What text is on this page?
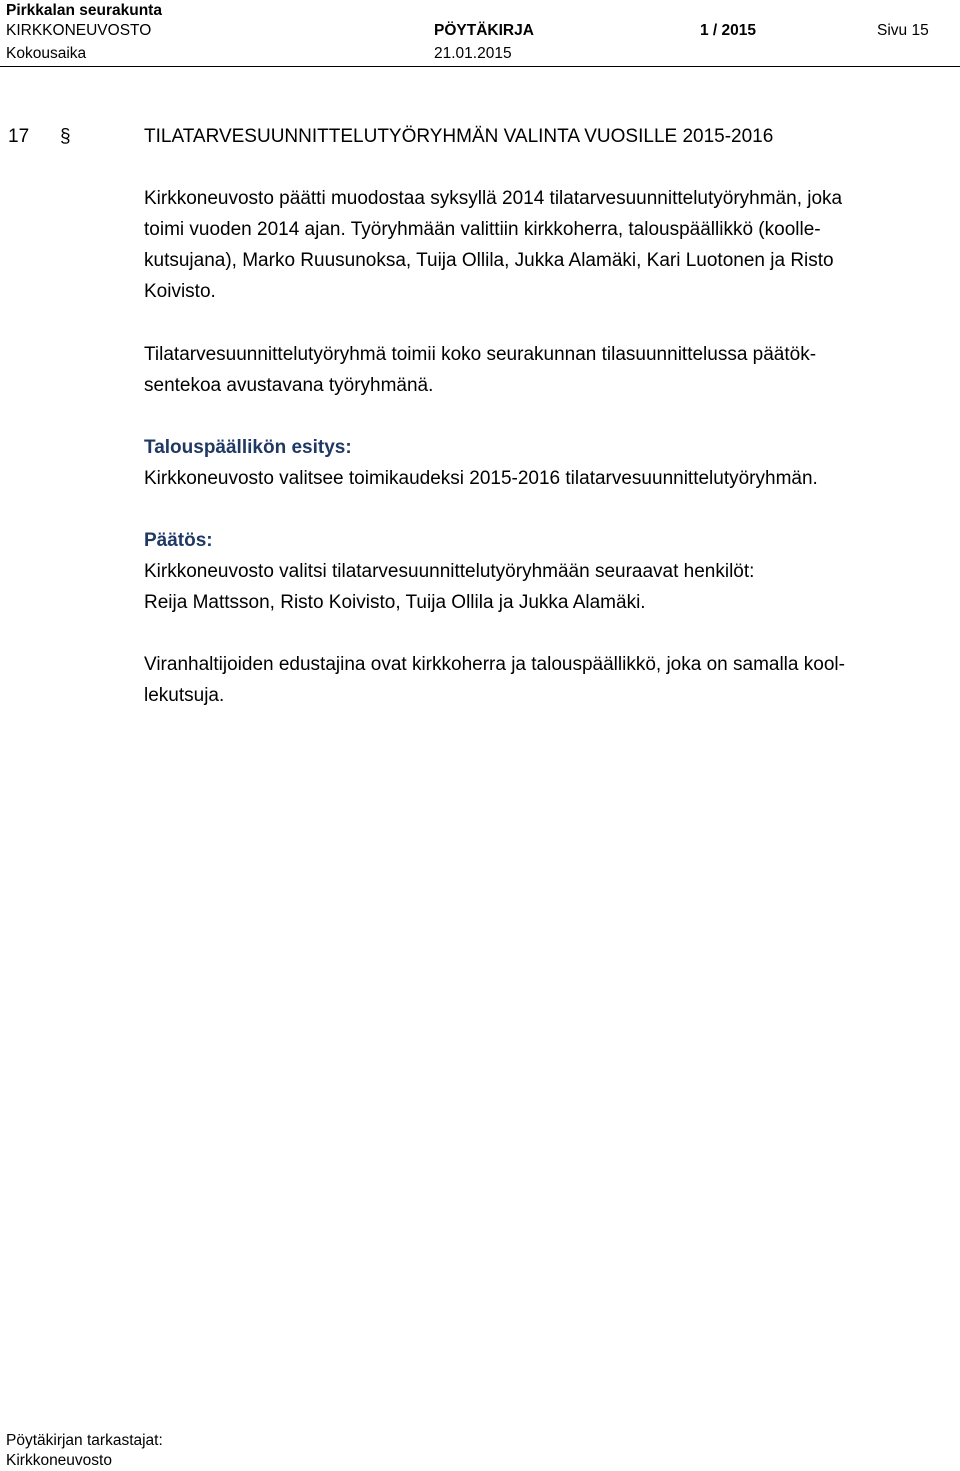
Pirkkalan seurakunta
KIRKKONEUVOSTO	PÖYTÄKIRJA	1 / 2015	Sivu 15
Kokousaika	21.01.2015
17 §	TILATARVESUUNNITTELUTYÖRYHMÄN VALINTA VUOSILLE 2015-2016
Kirkkoneuvosto päätti muodostaa syksyllä 2014 tilatarvesuunnittelutyöryhmän, joka
toimi vuoden 2014 ajan. Työryhmään valittiin kirkkoherra, talouspäällikkö (koolle-
kutsujana), Marko Ruusunoksa, Tuija Ollila, Jukka Alamäki, Kari Luotonen ja Risto
Koivisto.
Tilatarvesuunnittelutyöryhmä toimii koko seurakunnan tilasuunnittelussa päätök-
sentekoa avustavana työryhmänä.
Talouspäällikön esitys:
Kirkkoneuvosto valitsee toimikaudeksi 2015-2016 tilatarvesuunnittelutyöryhmän.
Päätös:
Kirkkoneuvosto valitsi tilatarvesuunnittelutyöryhmään seuraavat henkilöt:
Reija Mattsson, Risto Koivisto, Tuija Ollila ja Jukka Alamäki.
Viranhaltijoiden edustajina ovat kirkkoherra ja talouspäällikkö, joka on samalla kool-
lekutsuja.
Pöytäkirjan tarkastajat:
Kirkkoneuvosto
